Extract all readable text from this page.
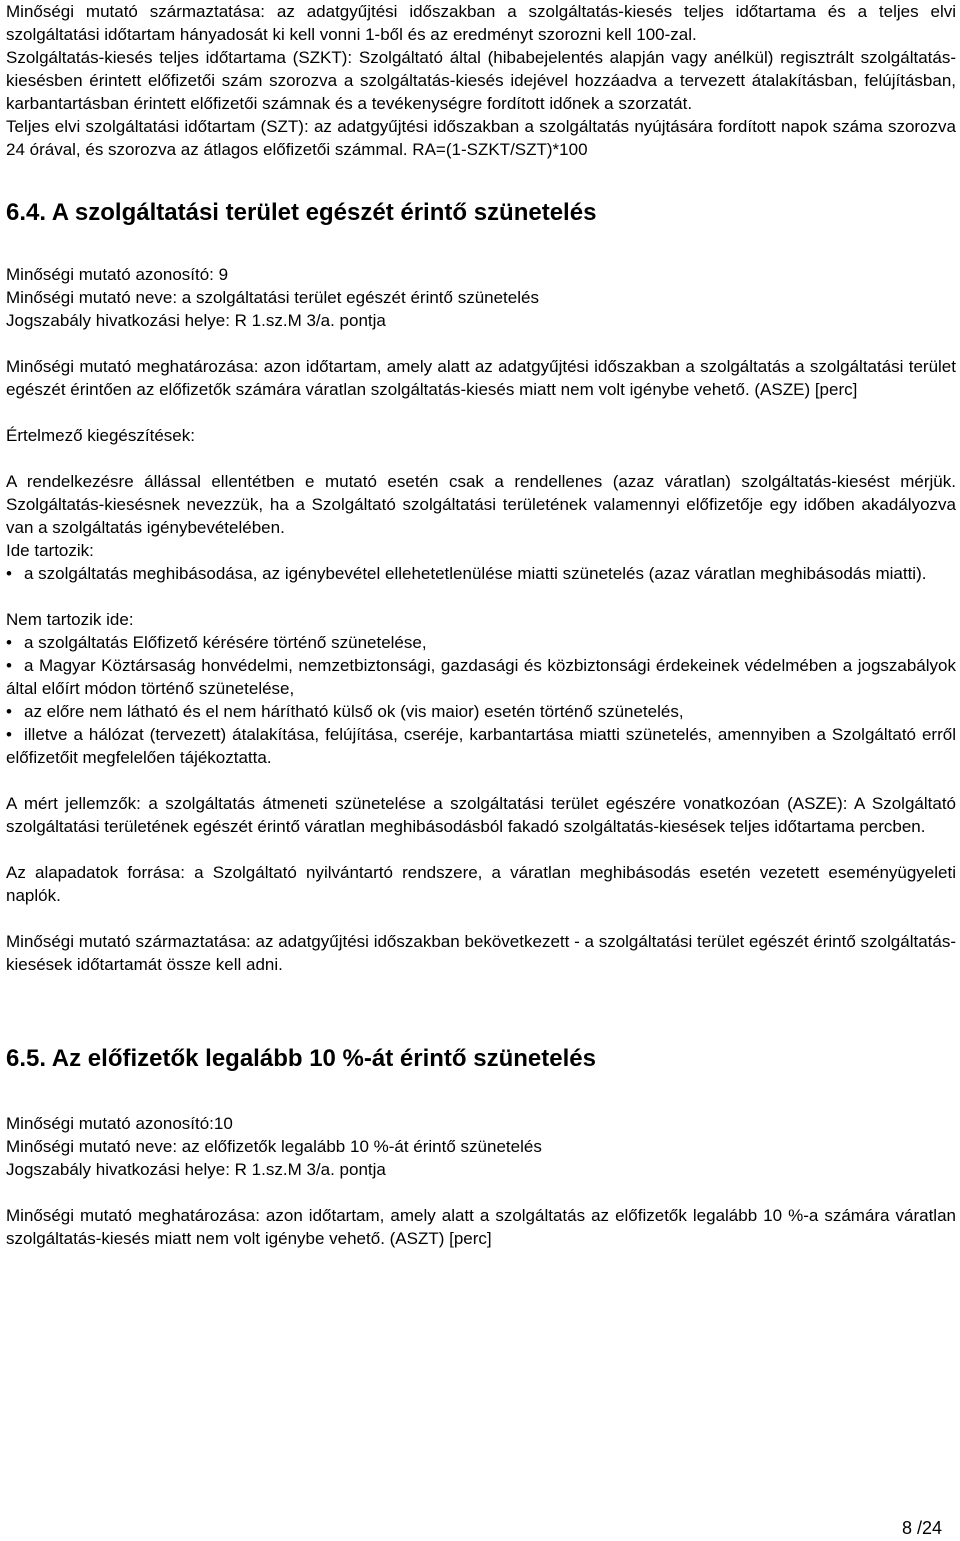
Minőségi mutató származtatása: az adatgyűjtési időszakban a szolgáltatás-kiesés teljes időtartama és a teljes elvi szolgáltatási időtartam hányadosát ki kell vonni 1-ből és az eredményt szorozni kell 100-zal.

Szolgáltatás-kiesés teljes időtartama (SZKT): Szolgáltató által (hibabejelentés alapján vagy anélkül) regisztrált szolgáltatás-kiesésben érintett előfizetői szám szorozva a szolgáltatás-kiesés idejével hozzáadva a tervezett átalakításban, felújításban, karbantartásban érintett előfizetői számnak és a tevékenységre fordított időnek a szorzatát.

Teljes elvi szolgáltatási időtartam (SZT): az adatgyűjtési időszakban a szolgáltatás nyújtására fordított napok száma szorozva 24 órával, és szorozva az átlagos előfizetői számmal. RA=(1-SZKT/SZT)*100

6.4. A szolgáltatási terület egészét érintő szünetelés

Minőségi mutató azonosító: 9

Minőségi mutató neve: a szolgáltatási terület egészét érintő szünetelés

Jogszabály hivatkozási helye: R 1.sz.M 3/a. pontja

Minőségi mutató meghatározása: azon időtartam, amely alatt az adatgyűjtési időszakban a szolgáltatás a szolgáltatási terület egészét érintően az előfizetők számára váratlan szolgáltatás-kiesés miatt nem volt igénybe vehető. (ASZE) [perc]

Értelmező kiegészítések:

A rendelkezésre állással ellentétben e mutató esetén csak a rendellenes (azaz váratlan) szolgáltatás-kiesést mérjük. Szolgáltatás-kiesésnek nevezzük, ha a Szolgáltató szolgáltatási területének valamennyi előfizetője egy időben akadályozva van a szolgáltatás igénybevételében.

Ide tartozik:

• a szolgáltatás meghibásodása, az igénybevétel ellehetetlenülése miatti szünetelés (azaz váratlan meghibásodás miatti).

Nem tartozik ide:

• a szolgáltatás Előfizető kérésére történő szünetelése,
• a Magyar Köztársaság honvédelmi, nemzetbiztonsági, gazdasági és közbiztonsági érdekeinek védelmében a jogszabályok által előírt módon történő szünetelése,
• az előre nem látható és el nem hárítható külső ok (vis maior) esetén történő szünetelés,
• illetve a hálózat (tervezett) átalakítása, felújítása, cseréje, karbantartása miatti szünetelés, amennyiben a Szolgáltató erről előfizetőit megfelelően tájékoztatta.

A mért jellemzők: a szolgáltatás átmeneti szünetelése a szolgáltatási terület egészére vonatkozóan (ASZE): A Szolgáltató szolgáltatási területének egészét érintő váratlan meghibásodásból fakadó szolgáltatás-kiesések teljes időtartama percben.

Az alapadatok forrása: a Szolgáltató nyilvántartó rendszere, a váratlan meghibásodás esetén vezetett eseményügyeleti naplók.

Minőségi mutató származtatása: az adatgyűjtési időszakban bekövetkezett - a szolgáltatási terület egészét érintő szolgáltatás-kiesések időtartamát össze kell adni.

6.5. Az előfizetők legalább 10 %-át érintő szünetelés

Minőségi mutató azonosító:10

Minőségi mutató neve: az előfizetők legalább 10 %-át érintő szünetelés

Jogszabály hivatkozási helye: R 1.sz.M 3/a. pontja

Minőségi mutató meghatározása: azon időtartam, amely alatt a szolgáltatás az előfizetők legalább 10 %-a számára váratlan szolgáltatás-kiesés miatt nem volt igénybe vehető. (ASZT) [perc]

8 /24
